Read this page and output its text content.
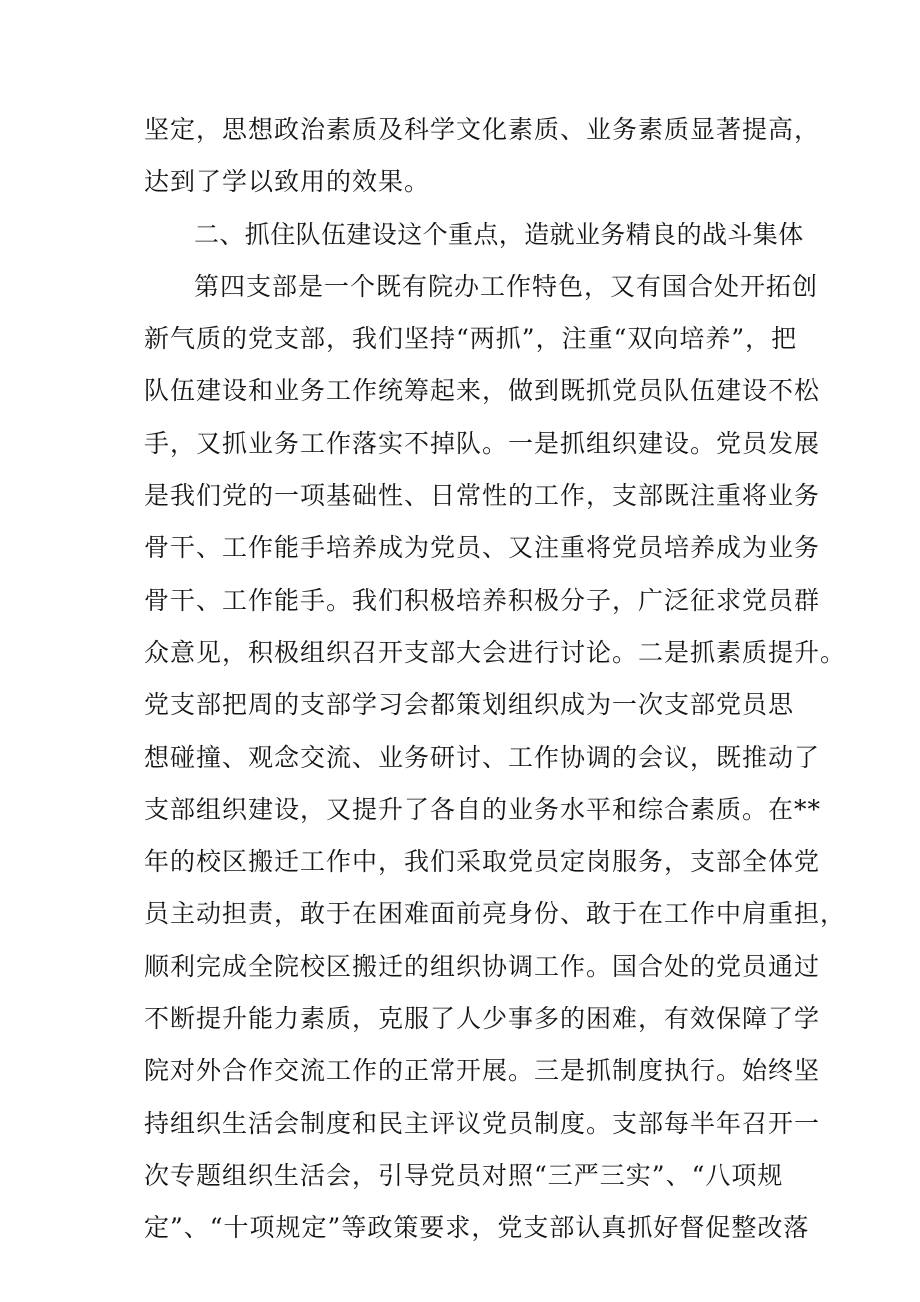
坚定，思想政治素质及科学文化素质、业务素质显著提高，
达到了学以致用的效果。
二、抓住队伍建设这个重点，造就业务精良的战斗集体
第四支部是一个既有院办工作特色，又有国合处开拓创
新气质的党支部，我们坚持“两抓”，注重“双向培养”，把
队伍建设和业务工作统筹起来，做到既抓党员队伍建设不松
手，又抓业务工作落实不掉队。一是抓组织建设。党员发展
是我们党的一项基础性、日常性的工作，支部既注重将业务
骨干、工作能手培养成为党员、又注重将党员培养成为业务
骨干、工作能手。我们积极培养积极分子，广泛征求党员群
众意见，积极组织召开支部大会进行讨论。二是抓素质提升。
党支部把周的支部学习会都策划组织成为一次支部党员思
想碰撞、观念交流、业务研讨、工作协调的会议，既推动了
支部组织建设，又提升了各自的业务水平和综合素质。在**
年的校区搬迁工作中，我们采取党员定岗服务，支部全体党
员主动担责，敢于在困难面前亮身份、敢于在工作中肩重担，
顺利完成全院校区搬迁的组织协调工作。国合处的党员通过
不断提升能力素质，克服了人少事多的困难，有效保障了学
院对外合作交流工作的正常开展。三是抓制度执行。始终坚
持组织生活会制度和民主评议党员制度。支部每半年召开一
次专题组织生活会，引导党员对照“三严三实”、“八项规
定”、“十项规定”等政策要求，党支部认真抓好督促整改落
